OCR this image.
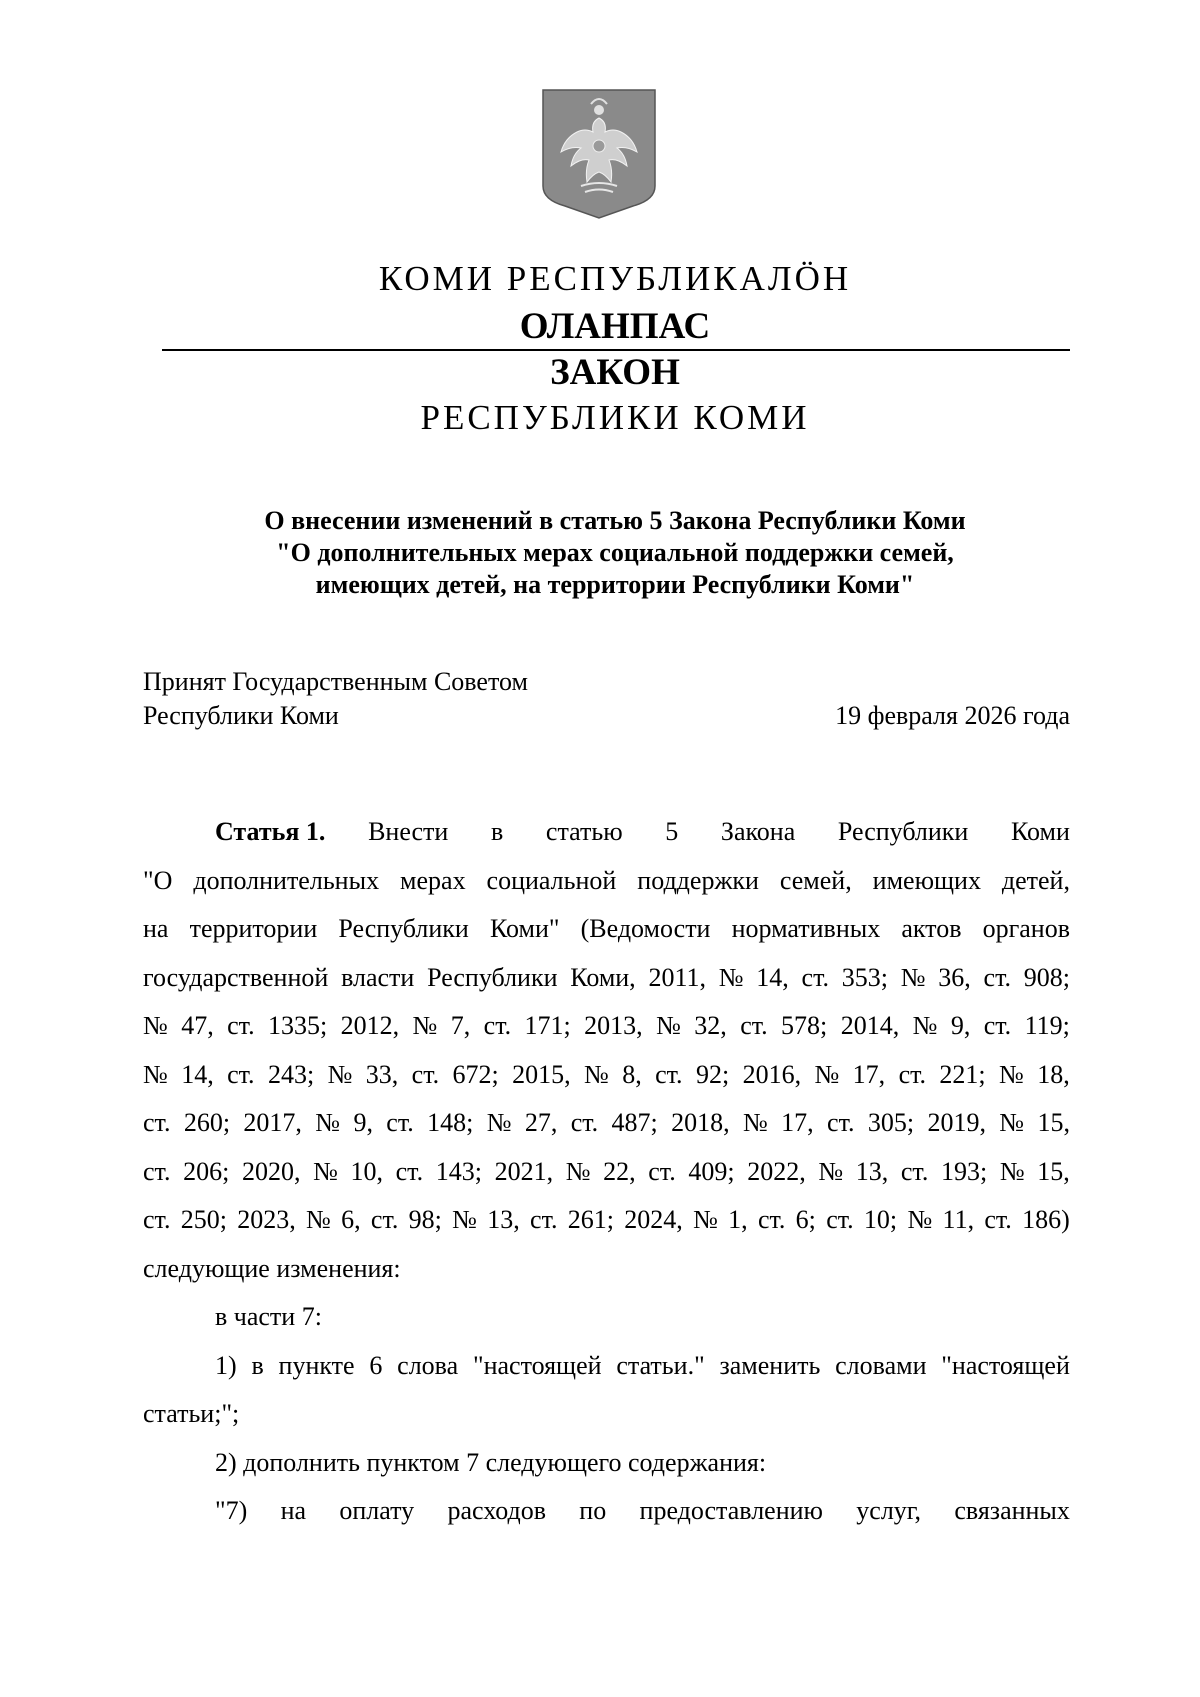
КОМИ РЕСПУБЛИКАЛÖН
ОЛАНПАС
ЗАКОН
РЕСПУБЛИКИ КОМИ
О внесении изменений в статью 5 Закона Республики Коми
"О дополнительных мерах социальной поддержки семей,
имеющих детей, на территории Республики Коми"
Принят Государственным Советом
Республики Коми	19 февраля 2026 года
Статья 1. Внести в статью 5 Закона Республики Коми
"О дополнительных мерах социальной поддержки семей, имеющих детей,
на территории Республики Коми" (Ведомости нормативных актов органов
государственной власти Республики Коми, 2011, № 14, ст. 353; № 36, ст. 908;
№ 47, ст. 1335; 2012, № 7, ст. 171; 2013, № 32, ст. 578; 2014, № 9, ст. 119;
№ 14, ст. 243; № 33, ст. 672; 2015, № 8, ст. 92; 2016, № 17, ст. 221; № 18,
ст. 260; 2017, № 9, ст. 148; № 27, ст. 487; 2018, № 17, ст. 305; 2019, № 15,
ст. 206; 2020, № 10, ст. 143; 2021, № 22, ст. 409; 2022, № 13, ст. 193; № 15,
ст. 250; 2023, № 6, ст. 98; № 13, ст. 261; 2024, № 1, ст. 6; ст. 10; № 11, ст. 186)
следующие изменения:
в части 7:
1) в пункте 6 слова "настоящей статьи." заменить словами "настоящей
статьи;";
2) дополнить пунктом 7 следующего содержания:
"7) на оплату расходов по предоставлению услуг, связанных
